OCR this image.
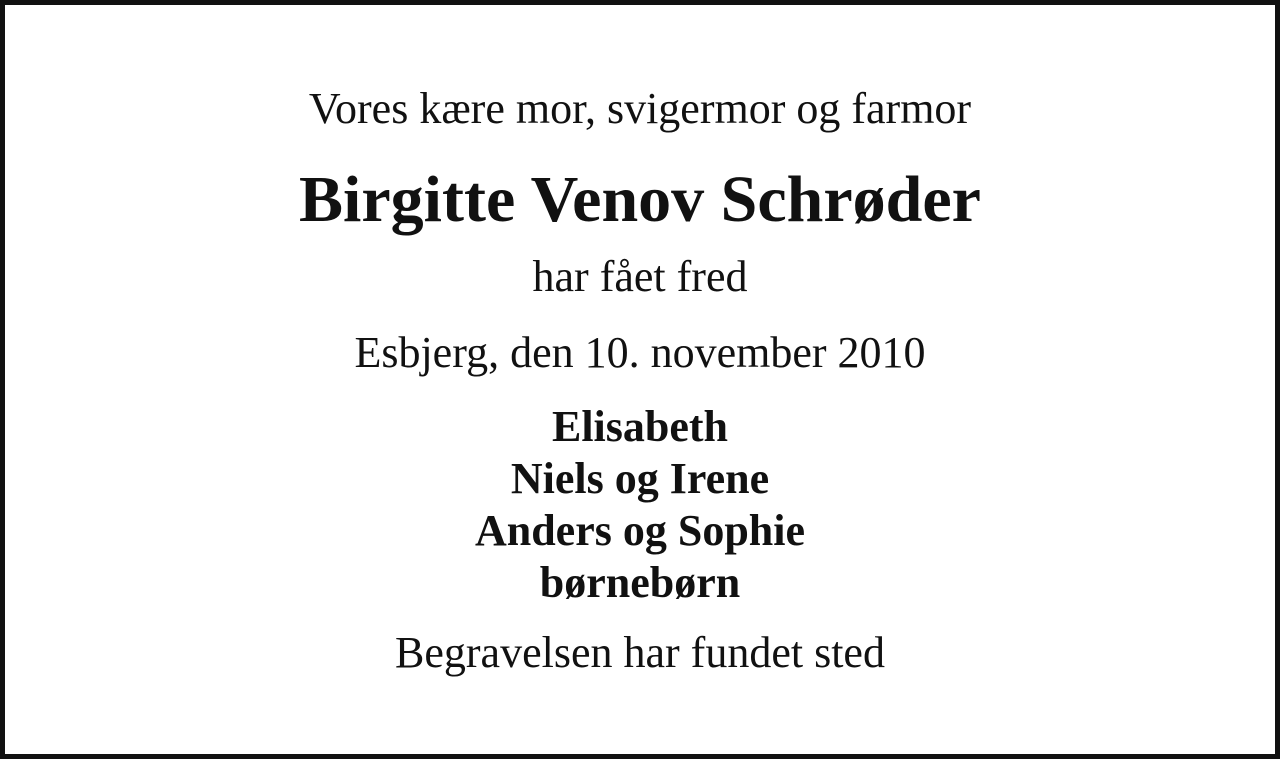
Vores kære mor, svigermor og farmor
Birgitte Venov Schrøder
har fået fred
Esbjerg, den 10. november 2010
Elisabeth
Niels og Irene
Anders og Sophie
børnebørn
Begravelsen har fundet sted
